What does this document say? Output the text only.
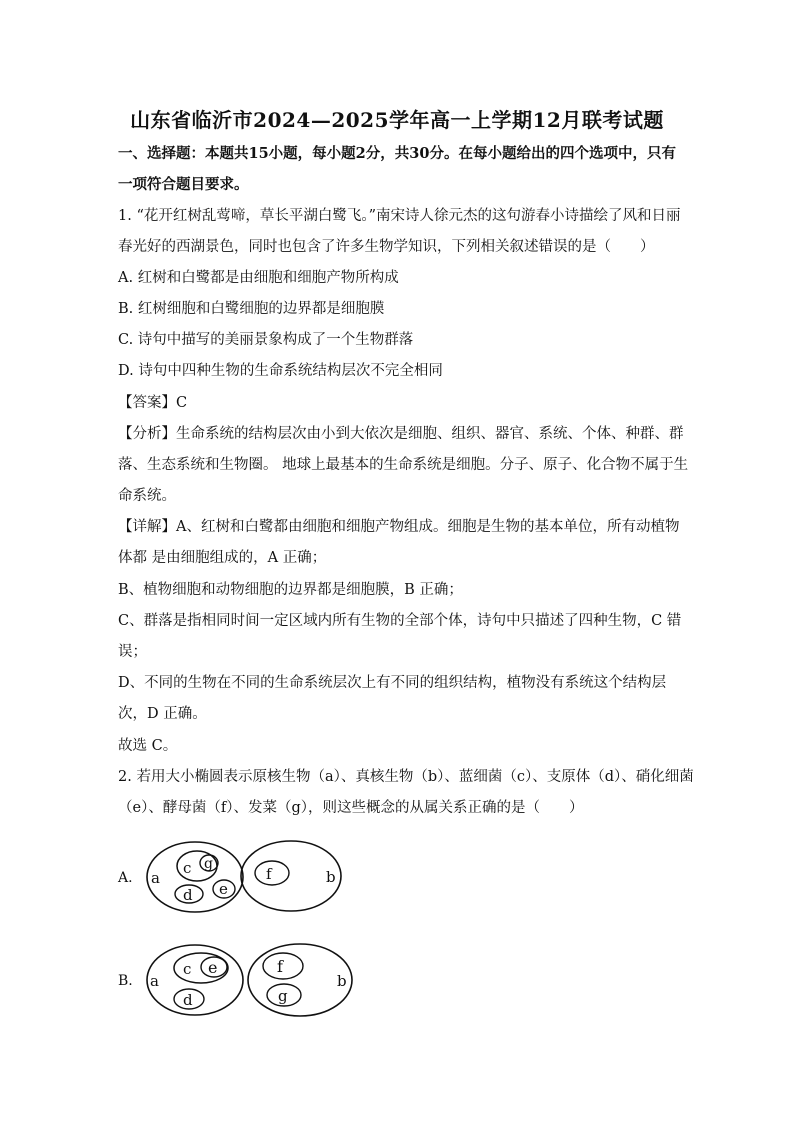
山东省临沂市2024—2025学年高一上学期12月联考试题
一、选择题：本题共15小题，每小题2分，共30分。在每小题给出的四个选项中，只有
一项符合题目要求。
1. “花开红树乱莺啼，草长平湖白鹭飞。”南宋诗人徐元杰的这句游春小诗描绘了风和日丽
春光好的西湖景色，同时也包含了许多生物学知识，下列相关叙述错误的是（　　）
A. 红树和白鹭都是由细胞和细胞产物所构成
B. 红树细胞和白鹭细胞的边界都是细胞膜
C. 诗句中描写的美丽景象构成了一个生物群落
D. 诗句中四种生物的生命系统结构层次不完全相同
【答案】C
【分析】生命系统的结构层次由小到大依次是细胞、组织、器官、系统、个体、种群、群
落、生态系统和生物圈。 地球上最基本的生命系统是细胞。分子、原子、化合物不属于生
命系统。
【详解】A、红树和白鹭都由细胞和细胞产物组成。细胞是生物的基本单位，所有动植物
体都 是由细胞组成的，A 正确；
B、植物细胞和动物细胞的边界都是细胞膜，B 正确；
C、群落是指相同时间一定区域内所有生物的全部个体，诗句中只描述了四种生物，C 错
误；
D、不同的生物在不同的生命系统层次上有不同的组织结构，植物没有系统这个结构层
次，D 正确。
故选 C。
2. 若用大小椭圆表示原核生物（a）、真核生物（b）、蓝细菌（c）、支原体（d）、硝化细菌
（e）、酵母菌（f）、发菜（g），则这些概念的从属关系正确的是（　　）
A. a
c g
d e
b
f
B. a
c e
d
b
f
g
